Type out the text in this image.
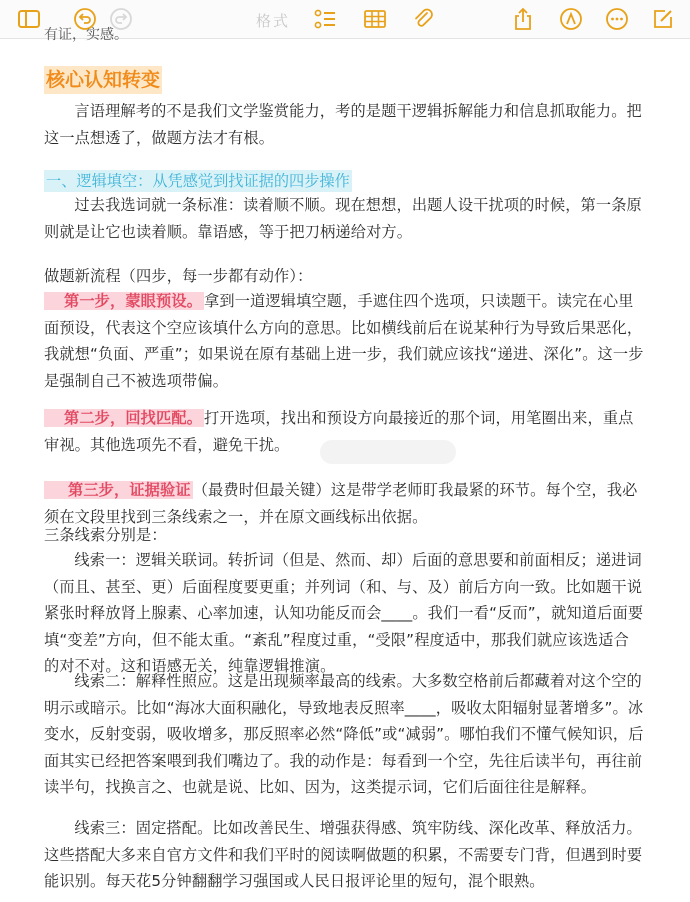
格式
有证，实感。
核心认知转变
言语理解考的不是我们文学鉴赏能力，考的是题干逻辑拆解能力和信息抓取能力。把这一点想透了，做题方法才有根。
一、逻辑填空：从凭感觉到找证据的四步操作
过去我选词就一条标准：读着顺不顺。现在想想，出题人设干扰项的时候，第一条原则就是让它也读着顺。靠语感，等于把刀柄递给对方。
做题新流程（四步，每一步都有动作）：
第一步，蒙眼预设。 拿到一道逻辑填空题，手遮住四个选项，只读题干。读完在心里面预设，代表这个空应该填什么方向的意思。比如横线前后在说某种行为导致后果恶化，我就想“负面、严重”；如果说在原有基础上进一步，我们就应该找“递进、深化”。这一步是强制自己不被选项带偏。
第二步，回找匹配。 打开选项，找出和预设方向最接近的那个词，用笔圈出来，重点审视。其他选项先不看，避免干扰。
第三步，证据验证 （最费时但最关键）这是带学老师盯我最紧的环节。每个空，我必须在文段里找到三条线索之一，并在原文画线标出依据。
三条线索分别是：
线索一：逻辑关联词。转折词（但是、然而、却）后面的意思要和前面相反；递进词（而且、甚至、更）后面程度要更重；并列词（和、与、及）前后方向一致。比如题干说紧张时释放肾上腺素、心率加速，认知功能反而会____。我们一看“反而”，就知道后面要填“变差”方向，但不能太重。“紊乱”程度过重，“受限”程度适中，那我们就应该选适合的对不对。这和语感无关，纯靠逻辑推演。
线索二：解释性照应。这是出现频率最高的线索。大多数空格前后都藏着对这个空的明示或暗示。比如“海冰大面积融化，导致地表反照率____，吸收太阳辐射显著增多”。冰变水，反射变弱，吸收增多，那反照率必然“降低”或“减弱”。哪怕我们不懂气候知识，后面其实已经把答案喂到我们嘴边了。我的动作是：每看到一个空，先往后读半句，再往前读半句，找换言之、也就是说、比如、因为，这类提示词，它们后面往往是解释。
线索三：固定搭配。比如改善民生、增强获得感、筑牢防线、深化改革、释放活力。这些搭配大多来自官方文件和我们平时的阅读啊做题的积累，不需要专门背，但遇到时要能识别。每天花5分钟翻翻学习强国或人民日报评论里的短句，混个眼熟。
